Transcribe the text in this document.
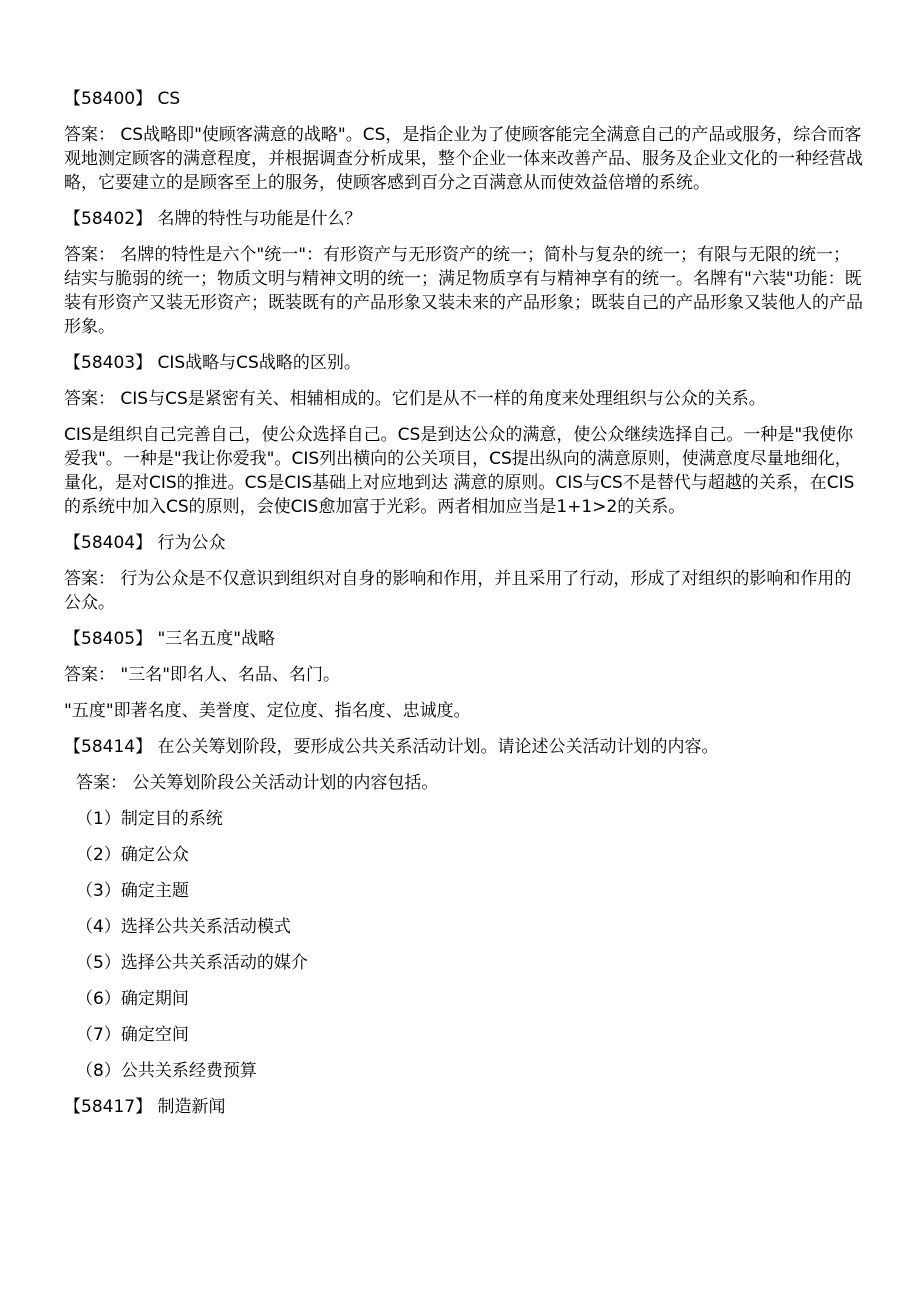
【58400】 CS

答案： CS战略即"使顾客满意的战略"。CS，是指企业为了使顾客能完全满意自己的产品或服务，综合而客观地测定顾客的满意程度，并根据调查分析成果，整个企业一体来改善产品、服务及企业文化的一种经营战略，它要建立的是顾客至上的服务，使顾客感到百分之百满意从而使效益倍增的系统。

【58402】 名牌的特性与功能是什么？

答案： 名牌的特性是六个"统一"：有形资产与无形资产的统一；简朴与复杂的统一；有限与无限的统一；结实与脆弱的统一；物质文明与精神文明的统一；满足物质享有与精神享有的统一。名牌有"六装"功能：既装有形资产又装无形资产；既装既有的产品形象又装未来的产品形象；既装自己的产品形象又装他人的产品形象。

【58403】 CIS战略与CS战略的区别。

答案： CIS与CS是紧密有关、相辅相成的。它们是从不一样的角度来处理组织与公众的关系。

CIS是组织自己完善自己，使公众选择自己。CS是到达公众的满意，使公众继续选择自己。一种是"我使你爱我"。一种是"我让你爱我"。CIS列出横向的公关项目，CS提出纵向的满意原则，使满意度尽量地细化，量化，是对CIS的推进。CS是CIS基础上对应地到达 满意的原则。CIS与CS不是替代与超越的关系，在CIS的系统中加入CS的原则，会使CIS愈加富于光彩。两者相加应当是1+1>2的关系。

【58404】 行为公众

答案： 行为公众是不仅意识到组织对自身的影响和作用，并且采用了行动，形成了对组织的影响和作用的公众。

【58405】 "三名五度"战略

答案： "三名"即名人、名品、名门。

"五度"即著名度、美誉度、定位度、指名度、忠诚度。

【58414】 在公关筹划阶段，要形成公共关系活动计划。请论述公关活动计划的内容。

答案： 公关筹划阶段公关活动计划的内容包括。

（1）制定目的系统

（2）确定公众

（3）确定主题

（4）选择公共关系活动模式

（5）选择公共关系活动的媒介

（6）确定期间

（7）确定空间

（8）公共关系经费预算

【58417】 制造新闻
